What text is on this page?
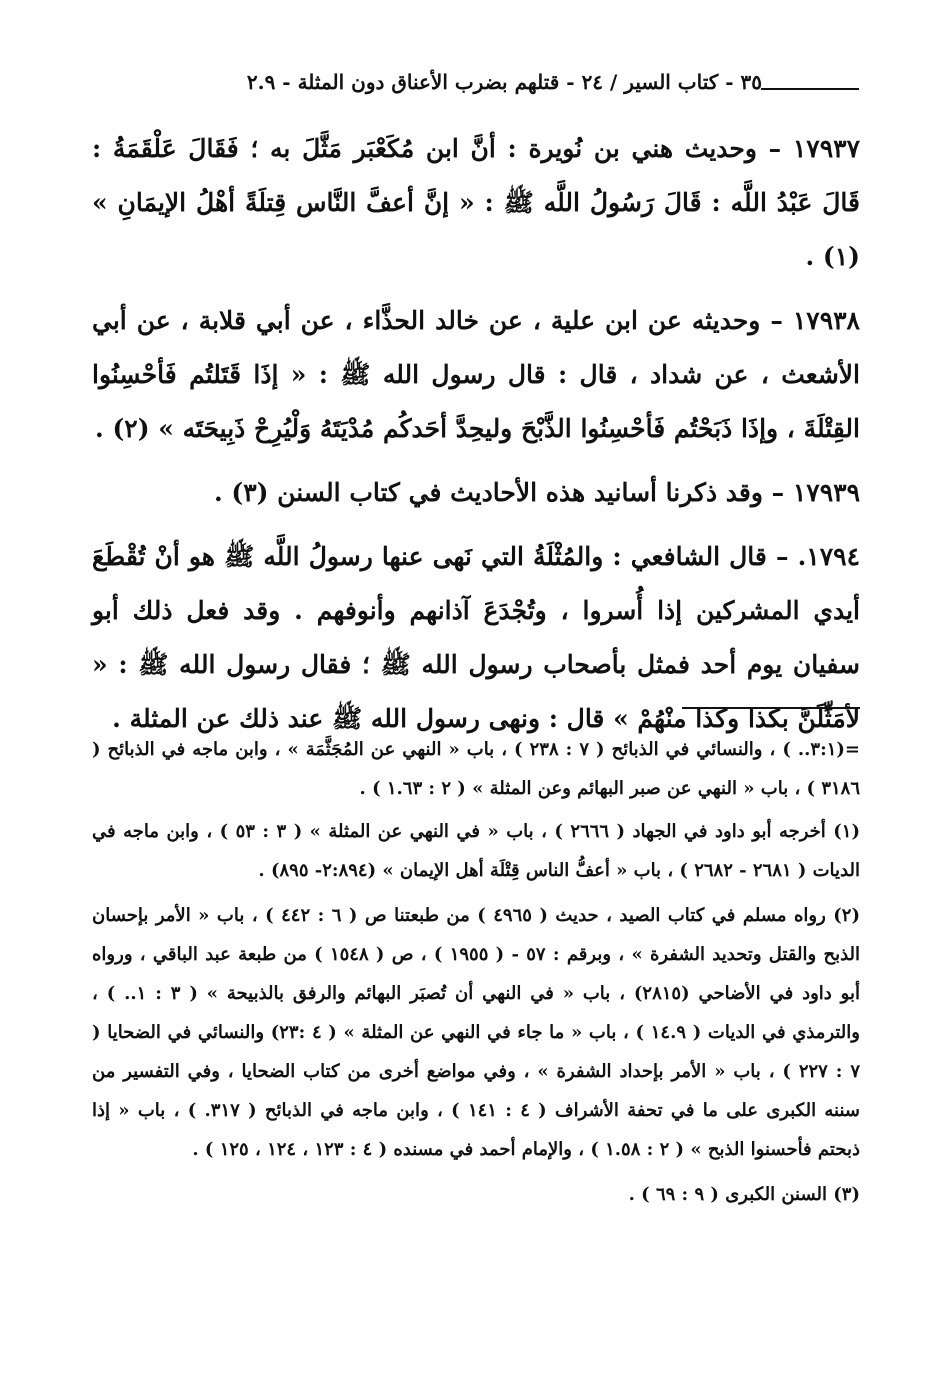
٣٥ - كتاب السير / ٢٤ - قتلهم بضرب الأعناق دون المثلة - ٢.٩

١٧٩٣٧ – وحديث هني بن نُويرة : أنَّ ابن مُكَعْبَر مَثَّلَ به ؛ فَقَالَ عَلْقَمَةُ : قَالَ عَبْدُ اللَّه : قَالَ رَسُولُ اللَّه ﷺ : « إنَّ أعفَّ النَّاس قِتلَةً أهْلُ الإيمَانِ » (١) .

١٧٩٣٨ – وحديثه عن ابن علية ، عن خالد الحذَّاء ، عن أبي قلابة ، عن أبي الأشعث ، عن شداد ، قال : قال رسول الله ﷺ : « إذَا قَتَلتُم فَأحْسِنُوا القِتْلَةَ ، وإذَا ذَبَحْتُم فَأحْسِنُوا الذَّبْحَ وليحِدَّ أحَدكُم مُدْيَتَهُ وَلْيُرِحْ ذَبِيحَتَه » (٢) .

١٧٩٣٩ – وقد ذكرنا أسانيد هذه الأحاديث في كتاب السنن (٣) .

١٧٩٤. – قال الشافعي : والمُثْلَةُ التي نَهى عنها رسولُ اللَّه ﷺ هو أنْ تُقْطَعَ أيدي المشركين إذا أُسروا ، وتُجْدَعَ آذانهم وأنوفهم . وقد فعل ذلك أبو سفيان يوم أحد فمثل بأصحاب رسول الله ﷺ ؛ فقال رسول الله ﷺ : « لأمَثِّلَنَّ بكذا وكذا منْهُمْ » قال : ونهى رسول الله ﷺ عند ذلك عن المثلة .

=(٣:١.. ) ، والنسائي في الذبائح ( ٧ : ٢٣٨ ) ، باب « النهي عن المُجَثَّمَة » ، وابن ماجه في الذبائح ( ٣١٨٦ ) ، باب « النهي عن صبر البهائم وعن المثلة » ( ٢ : ١.٦٣ ) .

(١) أخرجه أبو داود في الجهاد ( ٢٦٦٦ ) ، باب « في النهي عن المثلة » ( ٣ : ٥٣ ) ، وابن ماجه في الديات ( ٢٦٨١ - ٢٦٨٢ ) ، باب « أعفُّ الناس قِتْلَة أهل الإيمان » (٢:٨٩٤- ٨٩٥) .

(٢) رواه مسلم في كتاب الصيد ، حديث ( ٤٩٦٥ ) من طبعتنا ص ( ٦ : ٤٤٢ ) ، باب « الأمر بإحسان الذبح والقتل وتحديد الشفرة » ، وبرقم : ٥٧ - ( ١٩٥٥ ) ، ص ( ١٥٤٨ ) من طبعة عبد الباقي ، ورواه أبو داود في الأضاحي (٢٨١٥) ، باب « في النهي أن تُصبَر البهائم والرفق بالذبيحة » ( ٣ : ١.. ) ، والترمذي في الديات ( ١٤.٩ ) ، باب « ما جاء في النهي عن المثلة » ( ٤ :٢٣) والنسائي في الضحايا ( ٧ : ٢٢٧ ) ، باب « الأمر بإحداد الشفرة » ، وفي مواضع أخرى من كتاب الضحايا ، وفي التفسير من سننه الكبرى على ما في تحفة الأشراف ( ٤ : ١٤١ ) ، وابن ماجه في الذبائح ( ٣١٧. ) ، باب « إذا ذبحتم فأحسنوا الذبح » ( ٢ : ١.٥٨ ) ، والإمام أحمد في مسنده ( ٤ : ١٢٣ ، ١٢٤ ، ١٢٥ ) .

(٣) السنن الكبرى ( ٩ : ٦٩ ) .
